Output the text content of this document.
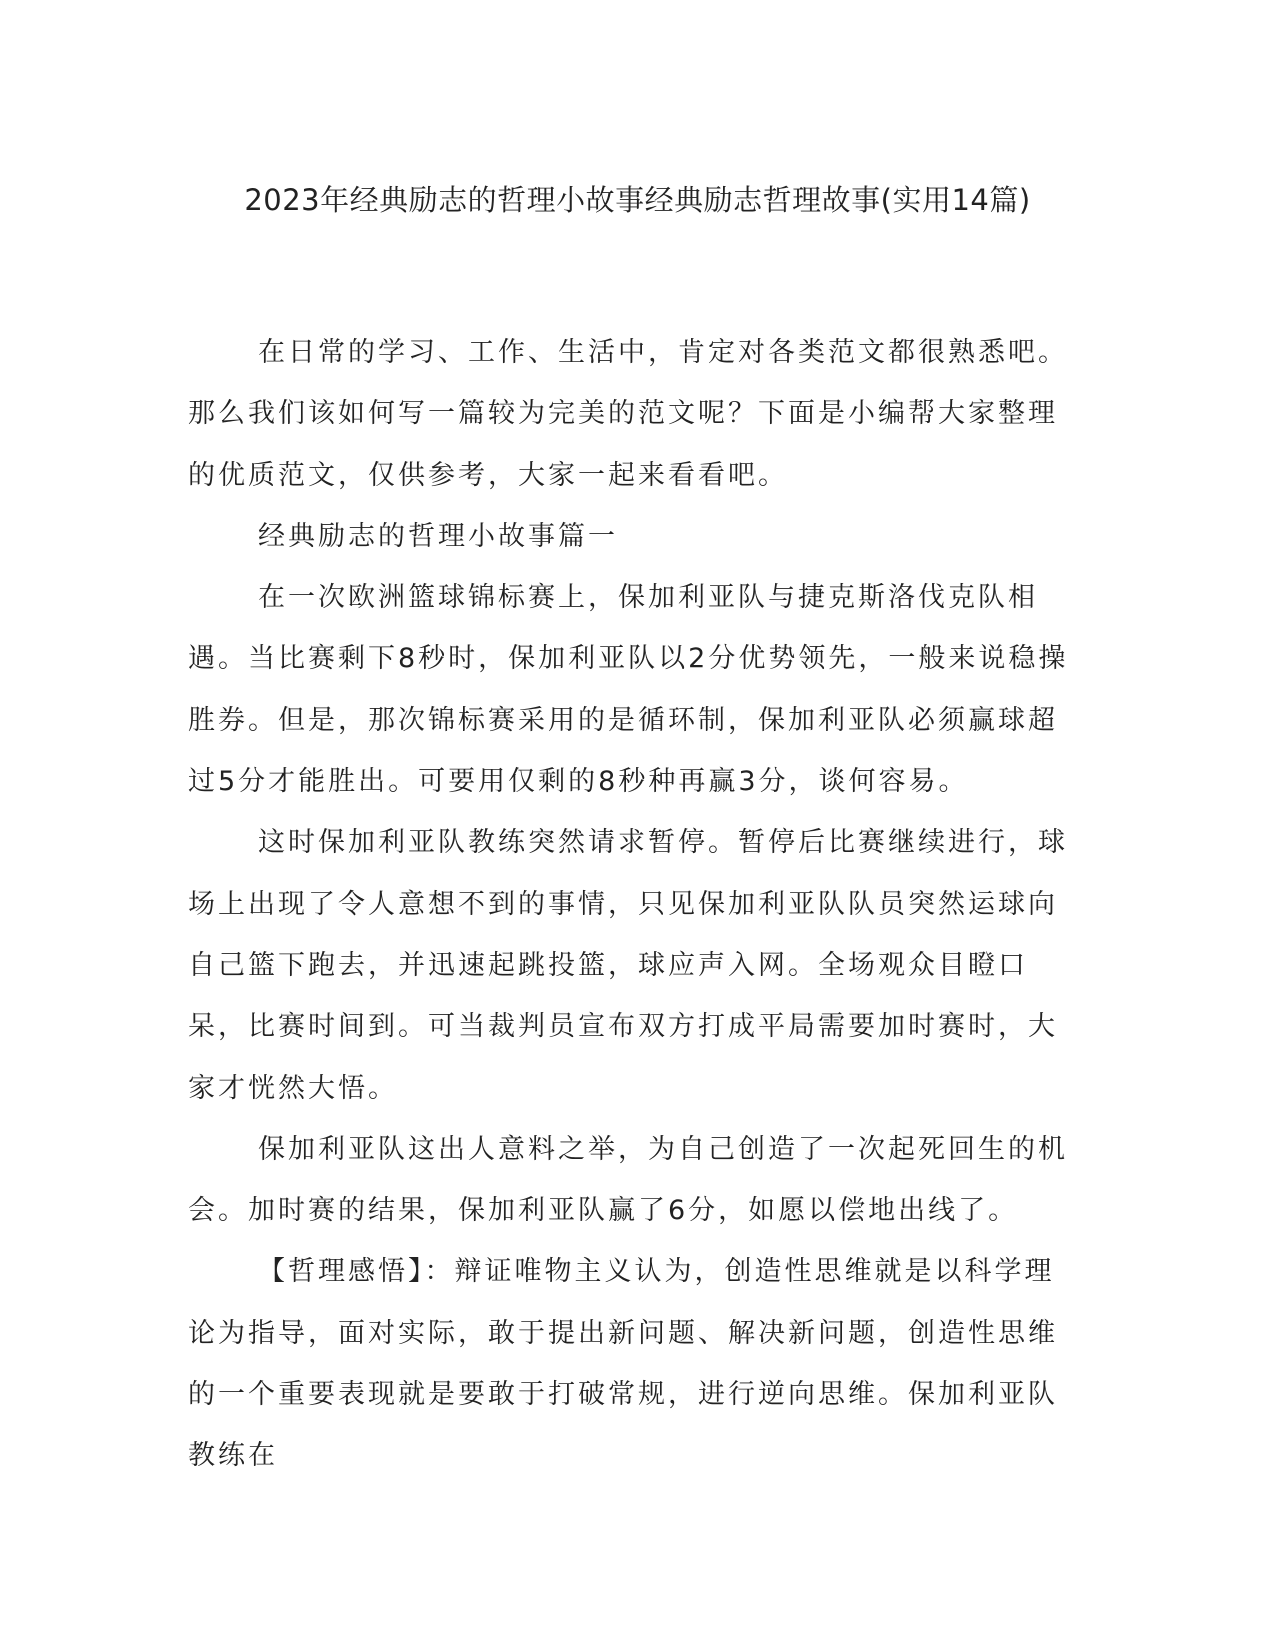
2023年经典励志的哲理小故事经典励志哲理故事(实用14篇)

在日常的学习、工作、生活中，肯定对各类范文都很熟悉吧。那么我们该如何写一篇较为完美的范文呢？下面是小编帮大家整理的优质范文，仅供参考，大家一起来看看吧。

经典励志的哲理小故事篇一

在一次欧洲篮球锦标赛上，保加利亚队与捷克斯洛伐克队相遇。当比赛剩下8秒时，保加利亚队以2分优势领先，一般来说稳操胜券。但是，那次锦标赛采用的是循环制，保加利亚队必须赢球超过5分才能胜出。可要用仅剩的8秒种再赢3分，谈何容易。

这时保加利亚队教练突然请求暂停。暂停后比赛继续进行，球场上出现了令人意想不到的事情，只见保加利亚队队员突然运球向自己篮下跑去，并迅速起跳投篮，球应声入网。全场观众目瞪口呆，比赛时间到。可当裁判员宣布双方打成平局需要加时赛时，大家才恍然大悟。

保加利亚队这出人意料之举，为自己创造了一次起死回生的机会。加时赛的结果，保加利亚队赢了6分，如愿以偿地出线了。

【哲理感悟】：辩证唯物主义认为，创造性思维就是以科学理论为指导，面对实际，敢于提出新问题、解决新问题，创造性思维的一个重要表现就是要敢于打破常规，进行逆向思维。保加利亚队教练在
